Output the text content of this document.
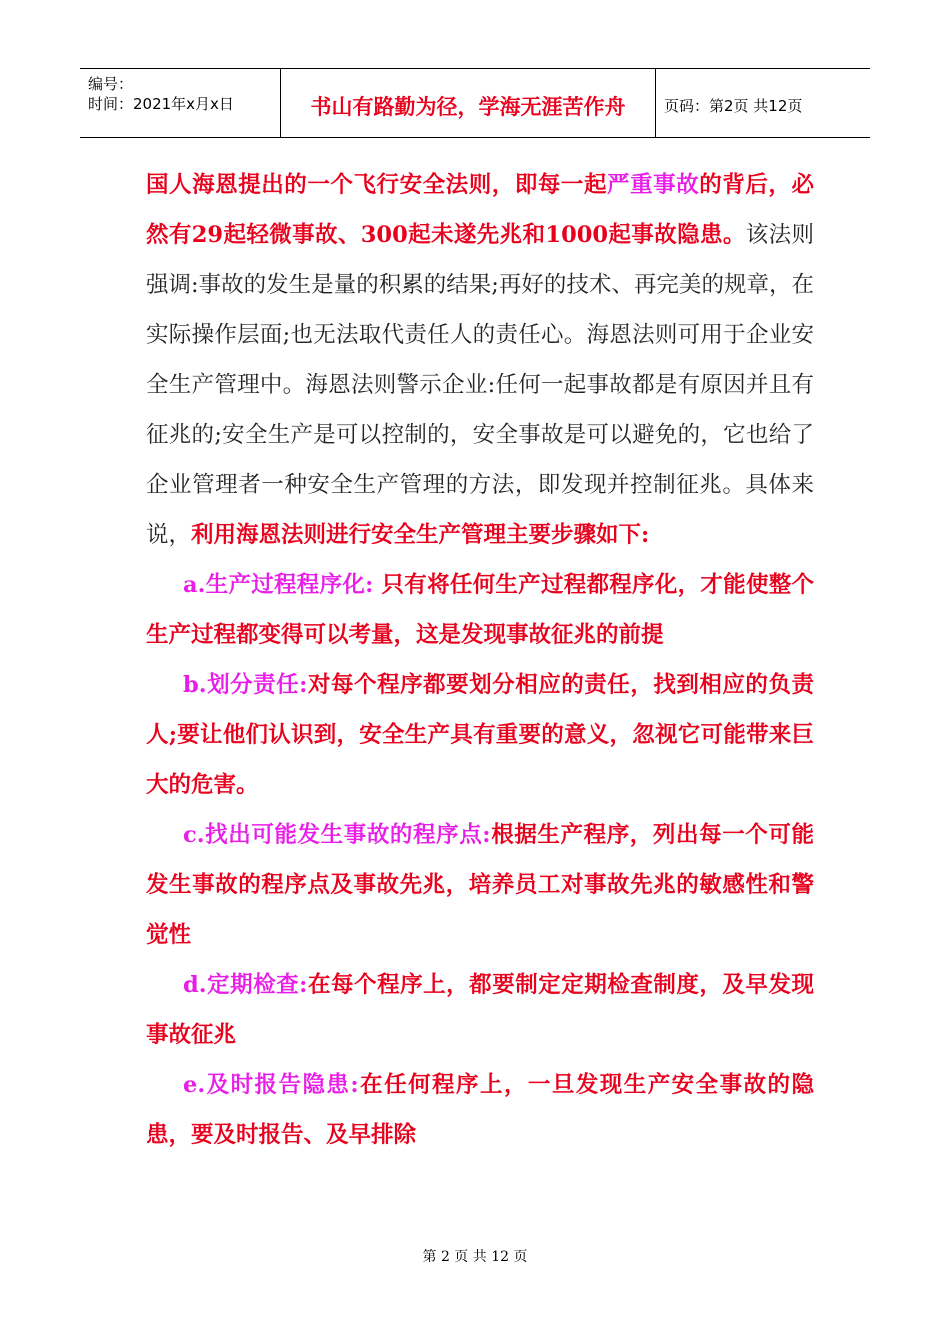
编号：
时间：2021年x月x日	书山有路勤为径，学海无涯苦作舟	页码：第2页 共12页

国人海恩提出的一个飞行安全法则，即每一起严重事故的背后，必然有29起轻微事故、300起未遂先兆和1000起事故隐患。该法则强调:事故的发生是量的积累的结果;再好的技术、再完美的规章，在实际操作层面;也无法取代责任人的责任心。海恩法则可用于企业安全生产管理中。海恩法则警示企业:任何一起事故都是有原因并且有征兆的;安全生产是可以控制的，安全事故是可以避免的，它也给了企业管理者一种安全生产管理的方法，即发现并控制征兆。具体来说，利用海恩法则进行安全生产管理主要步骤如下:

a.生产过程程序化: 只有将任何生产过程都程序化，才能使整个生产过程都变得可以考量，这是发现事故征兆的前提

b.划分责任:对每个程序都要划分相应的责任，找到相应的负责人;要让他们认识到，安全生产具有重要的意义，忽视它可能带来巨大的危害。

c.找出可能发生事故的程序点:根据生产程序，列出每一个可能发生事故的程序点及事故先兆，培养员工对事故先兆的敏感性和警觉性

d.定期检查:在每个程序上，都要制定定期检查制度，及早发现事故征兆

e.及时报告隐患:在任何程序上，一旦发现生产安全事故的隐患，要及时报告、及早排除

第 2 页 共 12 页
